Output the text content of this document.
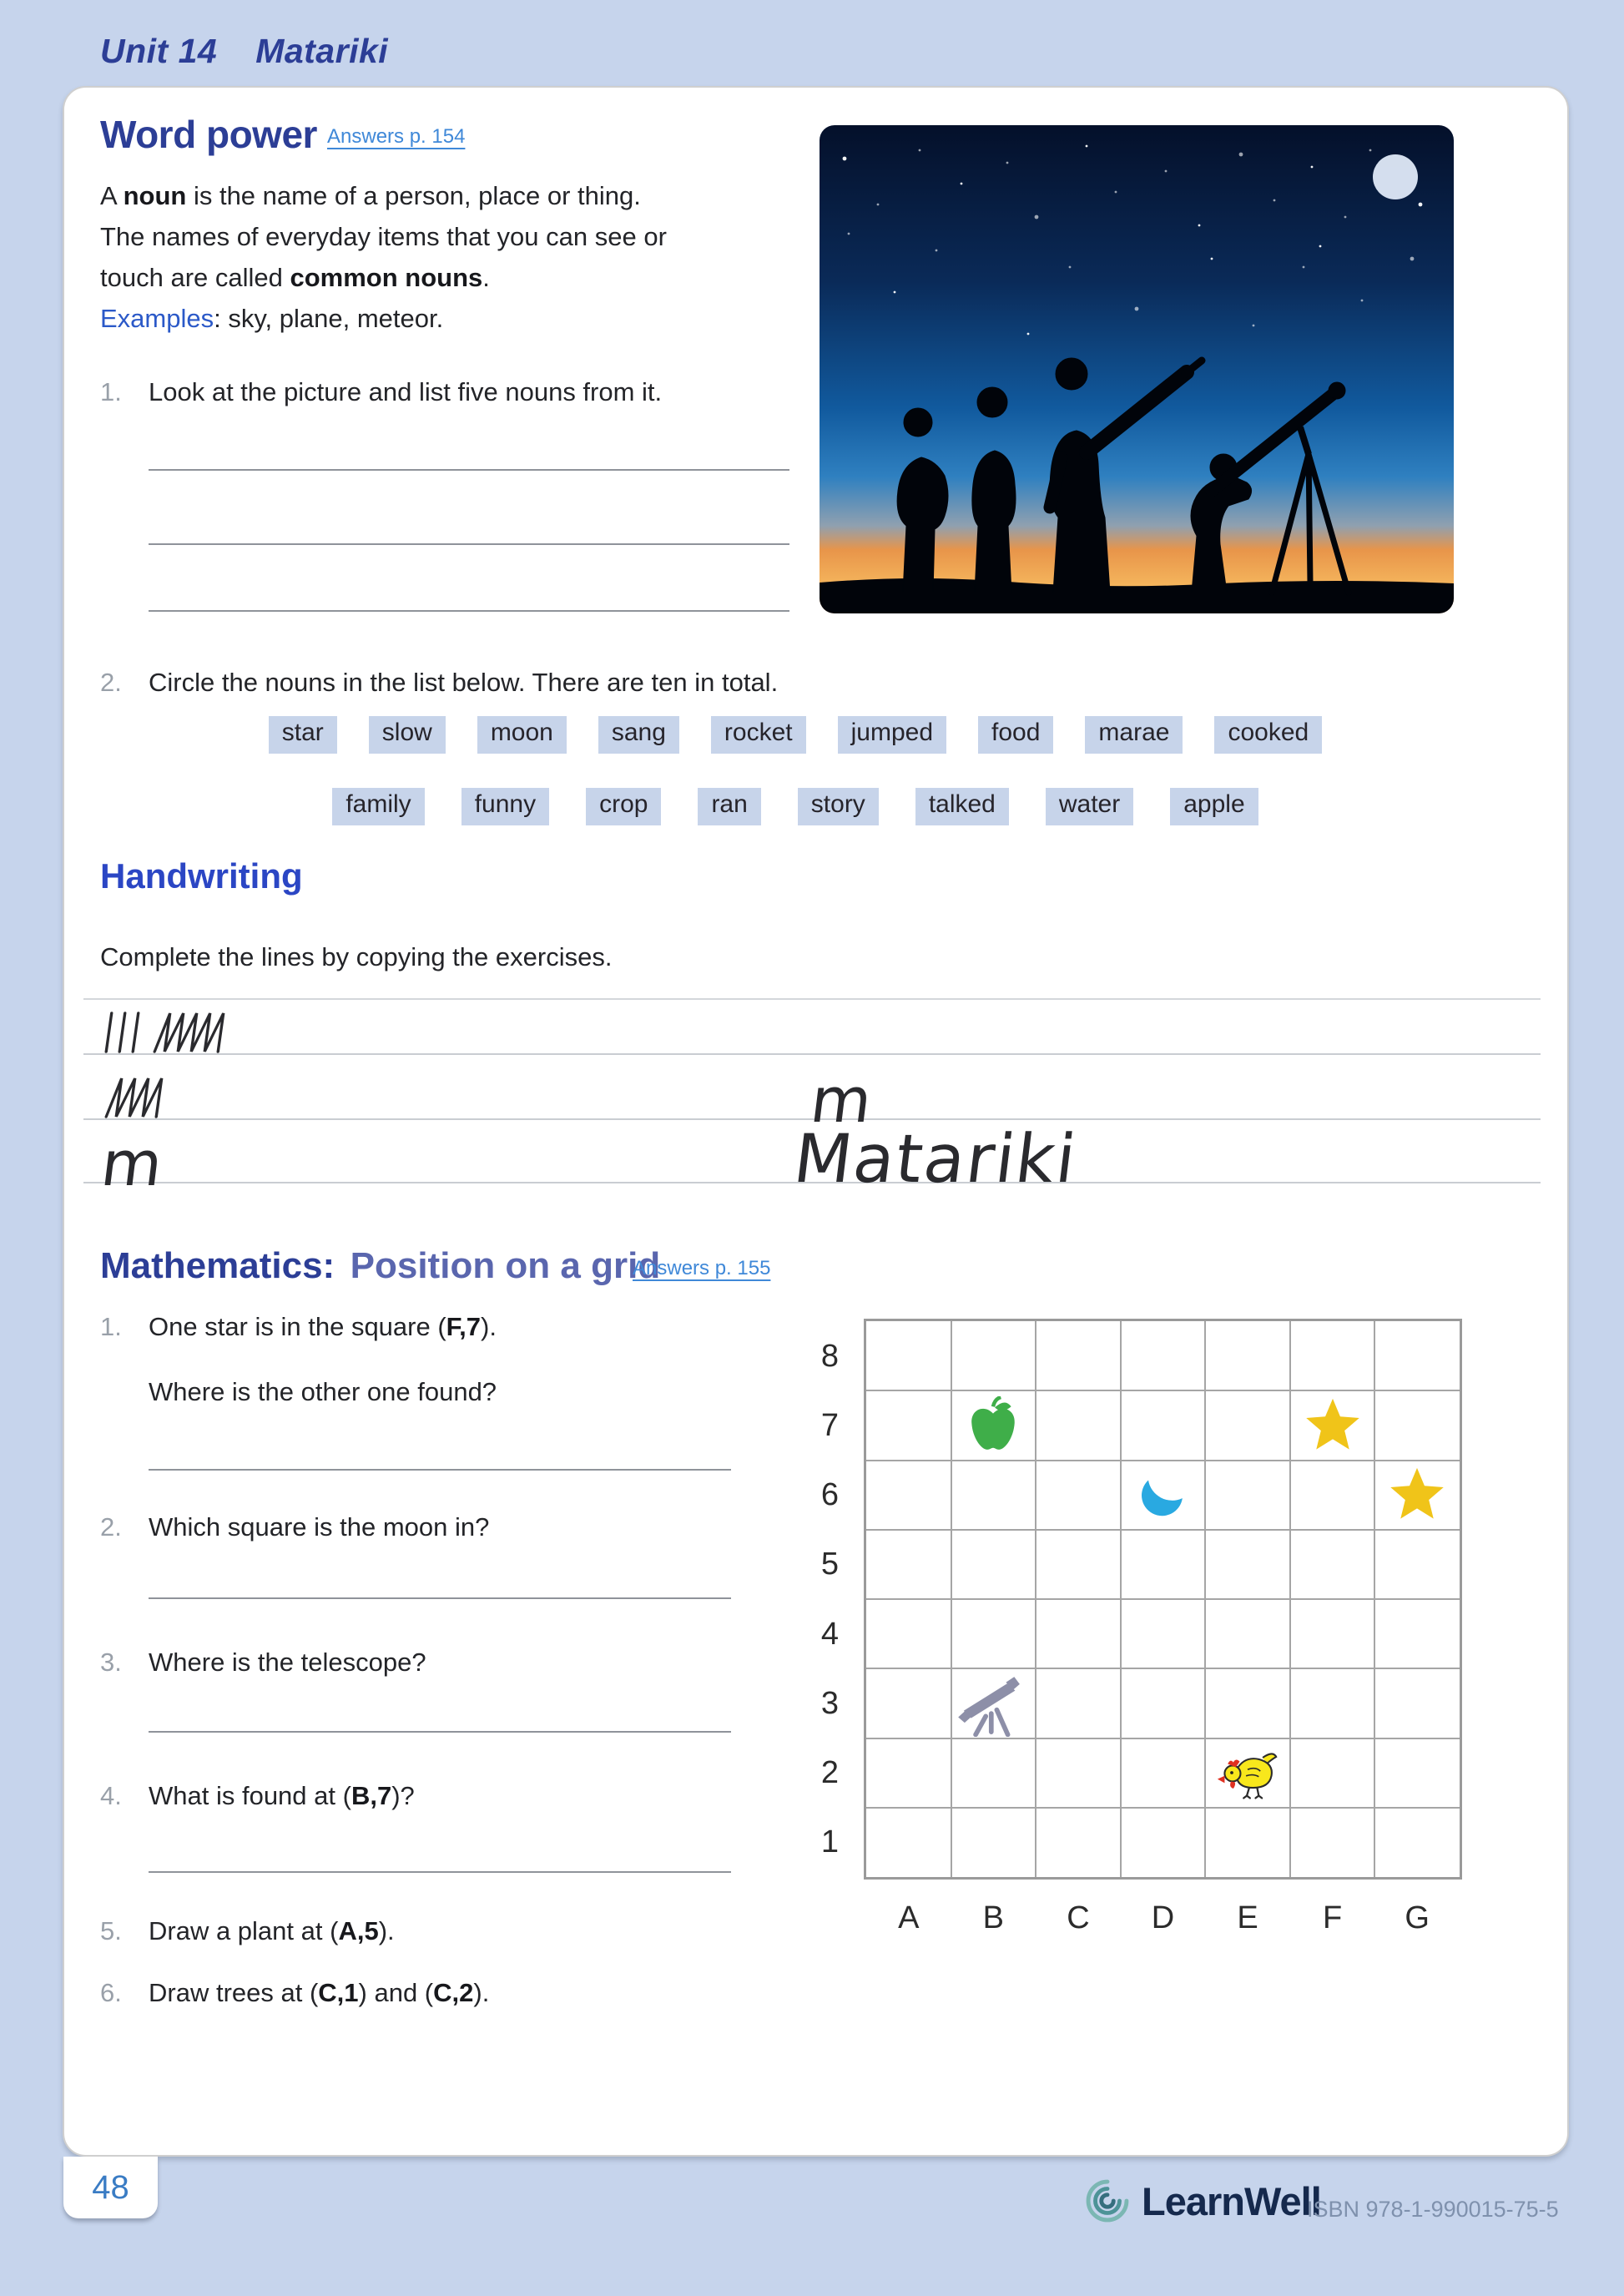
Unit 14 Matariki
Word power Answers p. 154
A noun is the name of a person, place or thing.
The names of everyday items that you can see or
touch are called common nouns.
Examples: sky, plane, meteor.
1.	Look at the picture and list five nouns from it.
2.	Circle the nouns in the list below. There are ten in total.
star	slow	moon	sang	rocket	jumped	food	marae	cooked
family	funny	crop	ran	story	talked	water	apple
Handwriting
Complete the lines by copying the exercises.
m
m	Matariki
Mathematics: Position on a grid
Answers p. 155
1.	One star is in the square (F,7).
Where is the other one found?
2.	Which square is the moon in?
3.	Where is the telescope?
4.	What is found at (B,7)?
5.	Draw a plant at (A,5).
6.	Draw trees at (C,1) and (C,2).
8
7
6
5
4
3
2
1
A	B	C	D	E	F	G
48	LearnWell
ISBN 978-1-990015-75-5
